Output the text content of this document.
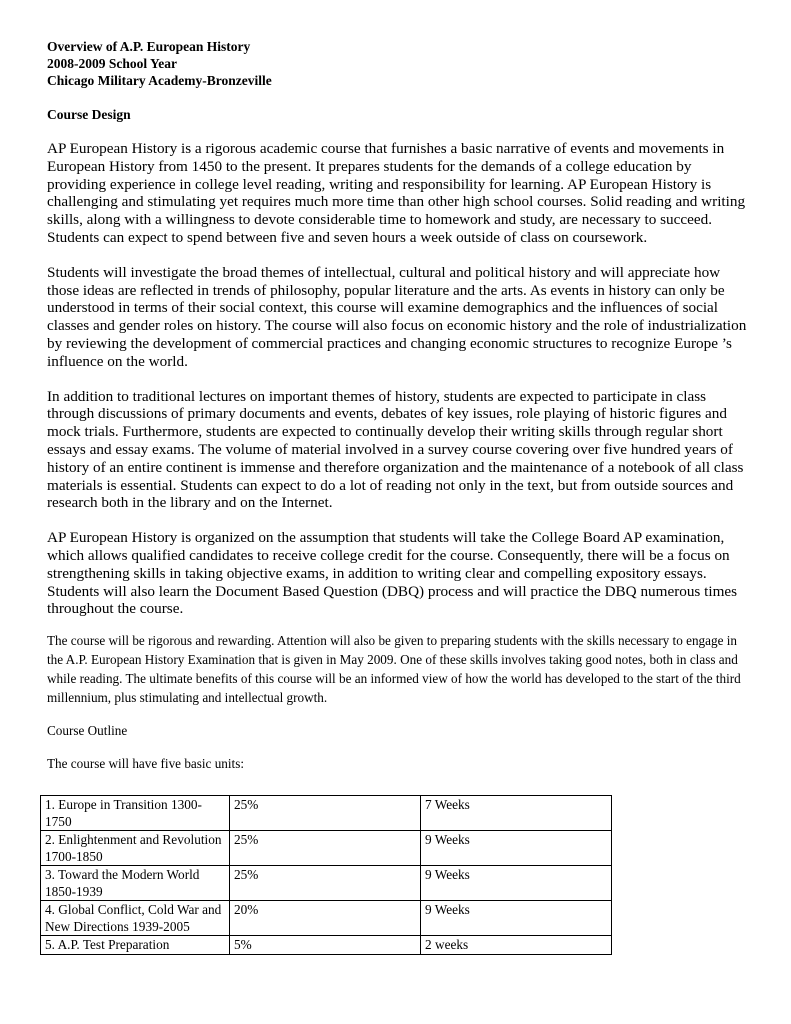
Overview of A.P. European History

2008-2009 School Year

Chicago Military Academy-Bronzeville

Course Design

AP European History is a rigorous academic course that furnishes a basic narrative of events and movements in European History from 1450 to the present. It prepares students for the demands of a college education by providing experience in college level reading, writing and responsibility for learning. AP European History is challenging and stimulating yet requires much more time than other high school courses. Solid reading and writing skills, along with a willingness to devote considerable time to homework and study, are necessary to succeed. Students can expect to spend between five and seven hours a week outside of class on coursework.

Students will investigate the broad themes of intellectual, cultural and political history and will appreciate how those ideas are reflected in trends of philosophy, popular literature and the arts. As events in history can only be understood in terms of their social context, this course will examine demographics and the influences of social classes and gender roles on history. The course will also focus on economic history and the role of industrialization by reviewing the development of commercial practices and changing economic structures to recognize Europe ’s influence on the world.

In addition to traditional lectures on important themes of history, students are expected to participate in class through discussions of primary documents and events, debates of key issues, role playing of historic figures and mock trials. Furthermore, students are expected to continually develop their writing skills through regular short essays and essay exams. The volume of material involved in a survey course covering over five hundred years of history of an entire continent is immense and therefore organization and the maintenance of a notebook of all class materials is essential. Students can expect to do a lot of reading not only in the text, but from outside sources and research both in the library and on the Internet.

AP European History is organized on the assumption that students will take the College Board AP examination, which allows qualified candidates to receive college credit for the course. Consequently, there will be a focus on strengthening skills in taking objective exams, in addition to writing clear and compelling expository essays. Students will also learn the Document Based Question (DBQ) process and will practice the DBQ numerous times throughout the course.

The course will be rigorous and rewarding. Attention will also be given to preparing students with the skills necessary to engage in the A.P. European History Examination that is given in May 2009. One of these skills involves taking good notes, both in class and while reading. The ultimate benefits of this course will be an informed view of how the world has developed to the start of the third millennium, plus stimulating and intellectual growth.

Course Outline

The course will have five basic units:

1. Europe in Transition 1300-1750	25%	7 Weeks
2. Enlightenment and Revolution 1700-1850	25%	9 Weeks
3. Toward the Modern World 1850-1939	25%	9 Weeks
4. Global Conflict, Cold War and New Directions 1939-2005	20%	9 Weeks
5. A.P. Test Preparation	5%	2 weeks
